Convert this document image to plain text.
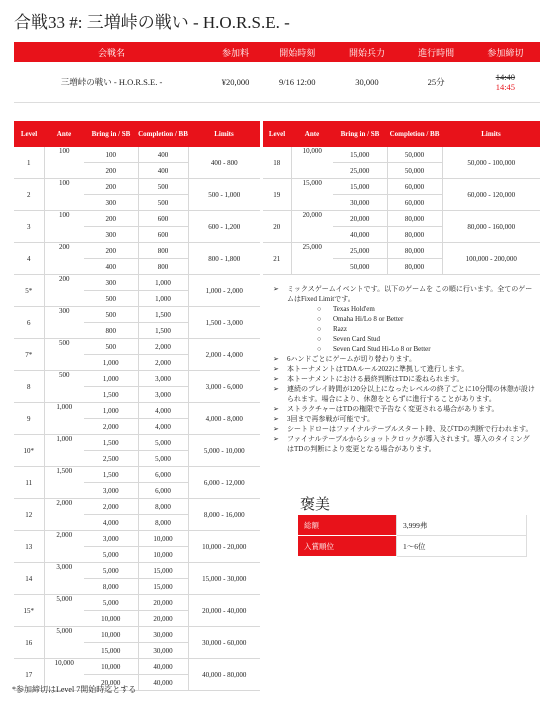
合戦33 #: 三増峠の戦い - H.O.R.S.E. -
会戦名	参加料	開始時刻	開始兵力	進行時間	参加締切
三増峠の戦い - H.O.R.S.E. -	¥20,000	9/16 12:00	30,000	25分	14:40
14:45
Level	Ante	Bring in / SB	Completion / BB	Limits
1	100	100	400	400 - 800
		200	400	
2	100	200	500	500 - 1,000
		300	500	
3	100	200	600	600 - 1,200
		300	600	
4	200	200	800	800 - 1,800
		400	800	
5*	200	300	1,000	1,000 - 2,000
		500	1,000	
6	300	500	1,500	1,500 - 3,000
		800	1,500	
7*	500	500	2,000	2,000 - 4,000
		1,000	2,000	
8	500	1,000	3,000	3,000 - 6,000
		1,500	3,000	
9	1,000	1,000	4,000	4,000 - 8,000
		2,000	4,000	
10*	1,000	1,500	5,000	5,000 - 10,000
		2,500	5,000	
11	1,500	1,500	6,000	6,000 - 12,000
		3,000	6,000	
12	2,000	2,000	8,000	8,000 - 16,000
		4,000	8,000	
13	2,000	3,000	10,000	10,000 - 20,000
		5,000	10,000	
14	3,000	5,000	15,000	15,000 - 30,000
		8,000	15,000	
15*	5,000	5,000	20,000	20,000 - 40,000
		10,000	20,000	
16	5,000	10,000	30,000	30,000 - 60,000
		15,000	30,000	
17	10,000	10,000	40,000	40,000 - 80,000
		20,000	40,000	
Level	Ante	Bring in / SB	Completion / BB	Limits
18	10,000	15,000	50,000	50,000 - 100,000
		25,000	50,000	
19	15,000	15,000	60,000	60,000 - 120,000
		30,000	60,000	
20	20,000	20,000	80,000	80,000 - 160,000
		40,000	80,000	
21	25,000	25,000	80,000	100,000 - 200,000
		50,000	80,000	
➢ ミックスゲームイベントです。以下のゲームを この順に行います。全てのゲームはFixed Limitです。
○ Texas Hold'em
○ Omaha Hi/Lo 8 or Better
○ Razz
○ Seven Card Stud
○ Seven Card Stud Hi-Lo 8 or Better
➢ 6ハンドごとにゲームが切り替わります。
➢ 本トーナメントはTDAルール2022に準拠して進行します。
➢ 本トーナメントにおける最終判断はTDに委ねられます。
➢ 連続のプレイ時間が120分以上になったレベルの終了ごとに10分間の休憩が設けられます。場合により、休憩をとらずに進行することがあります。
➢ ストラクチャーはTDの権限で予告なく変更される場合があります。
➢ 3回まで再参戦が可能です。
➢ シートドローはファイナルテーブルスタート時、及びTDの判断で行われます。
➢ ファイナルテーブルからショットクロックが導入されます。導入のタイミングはTDの判断により変更となる場合があります。
褒美
総額	3,999弗
入賞順位	1～6位
*参加締切はLevel 7開始時迄とする
